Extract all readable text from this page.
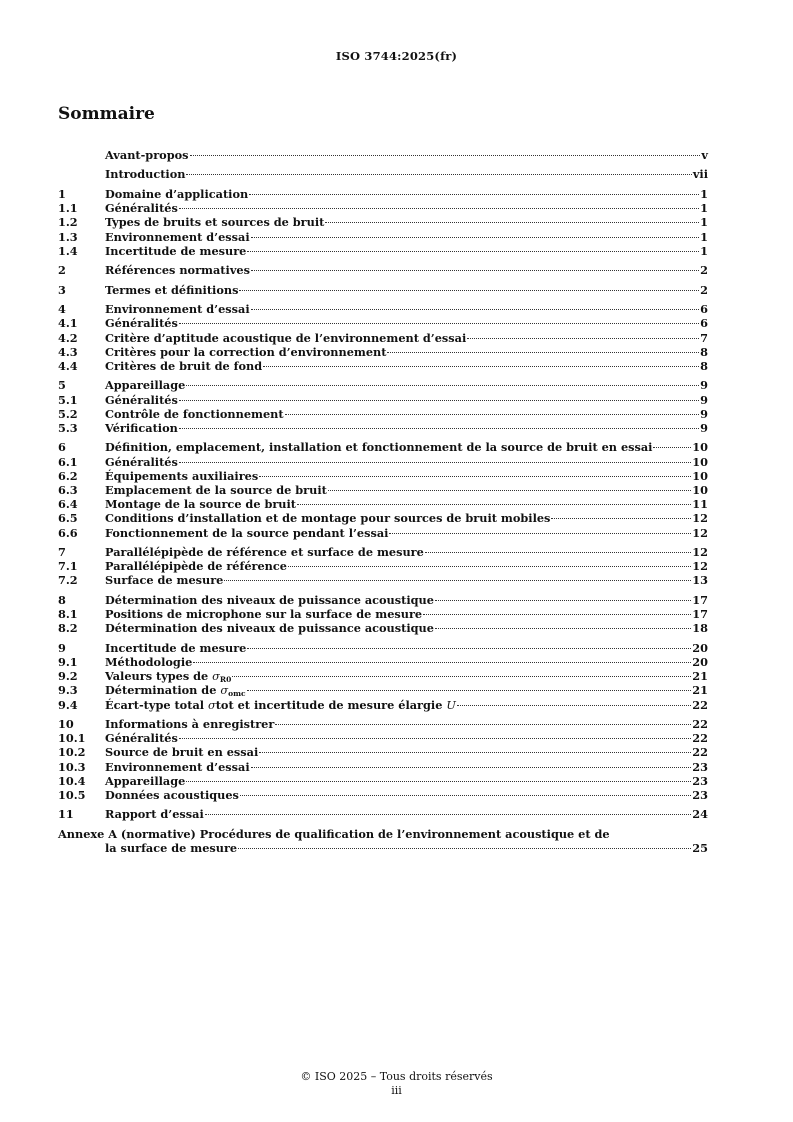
ISO 3744:2025(fr)
Sommaire
Avant-propos	v
Introduction	vii
1	Domaine d’application	1
1.1	Généralités	1
1.2	Types de bruits et sources de bruit	1
1.3	Environnement d’essai	1
1.4	Incertitude de mesure	1
2	Références normatives	2
3	Termes et définitions	2
4	Environnement d’essai	6
4.1	Généralités	6
4.2	Critère d’aptitude acoustique de l’environnement d’essai	7
4.3	Critères pour la correction d’environnement	8
4.4	Critères de bruit de fond	8
5	Appareillage	9
5.1	Généralités	9
5.2	Contrôle de fonctionnement	9
5.3	Vérification	9
6	Définition, emplacement, installation et fonctionnement de la source de bruit en essai	10
6.1	Généralités	10
6.2	Équipements auxiliaires	10
6.3	Emplacement de la source de bruit	10
6.4	Montage de la source de bruit	11
6.5	Conditions d’installation et de montage pour sources de bruit mobiles	12
6.6	Fonctionnement de la source pendant l’essai	12
7	Parallélépipède de référence et surface de mesure	12
7.1	Parallélépipède de référence	12
7.2	Surface de mesure	13
8	Détermination des niveaux de puissance acoustique	17
8.1	Positions de microphone sur la surface de mesure	17
8.2	Détermination des niveaux de puissance acoustique	18
9	Incertitude de mesure	20
9.1	Méthodologie	20
9.2	Valeurs types de σR0	21
9.3	Détermination de σomc	21
9.4	Écart-type total σtot et incertitude de mesure élargie U	22
10	Informations à enregistrer	22
10.1	Généralités	22
10.2	Source de bruit en essai	22
10.3	Environnement d’essai	23
10.4	Appareillage	23
10.5	Données acoustiques	23
11	Rapport d’essai	24
Annexe A (normative) Procédures de qualification de l’environnement acoustique et de
la surface de mesure	25
© ISO 2025 – Tous droits réservés
iii
